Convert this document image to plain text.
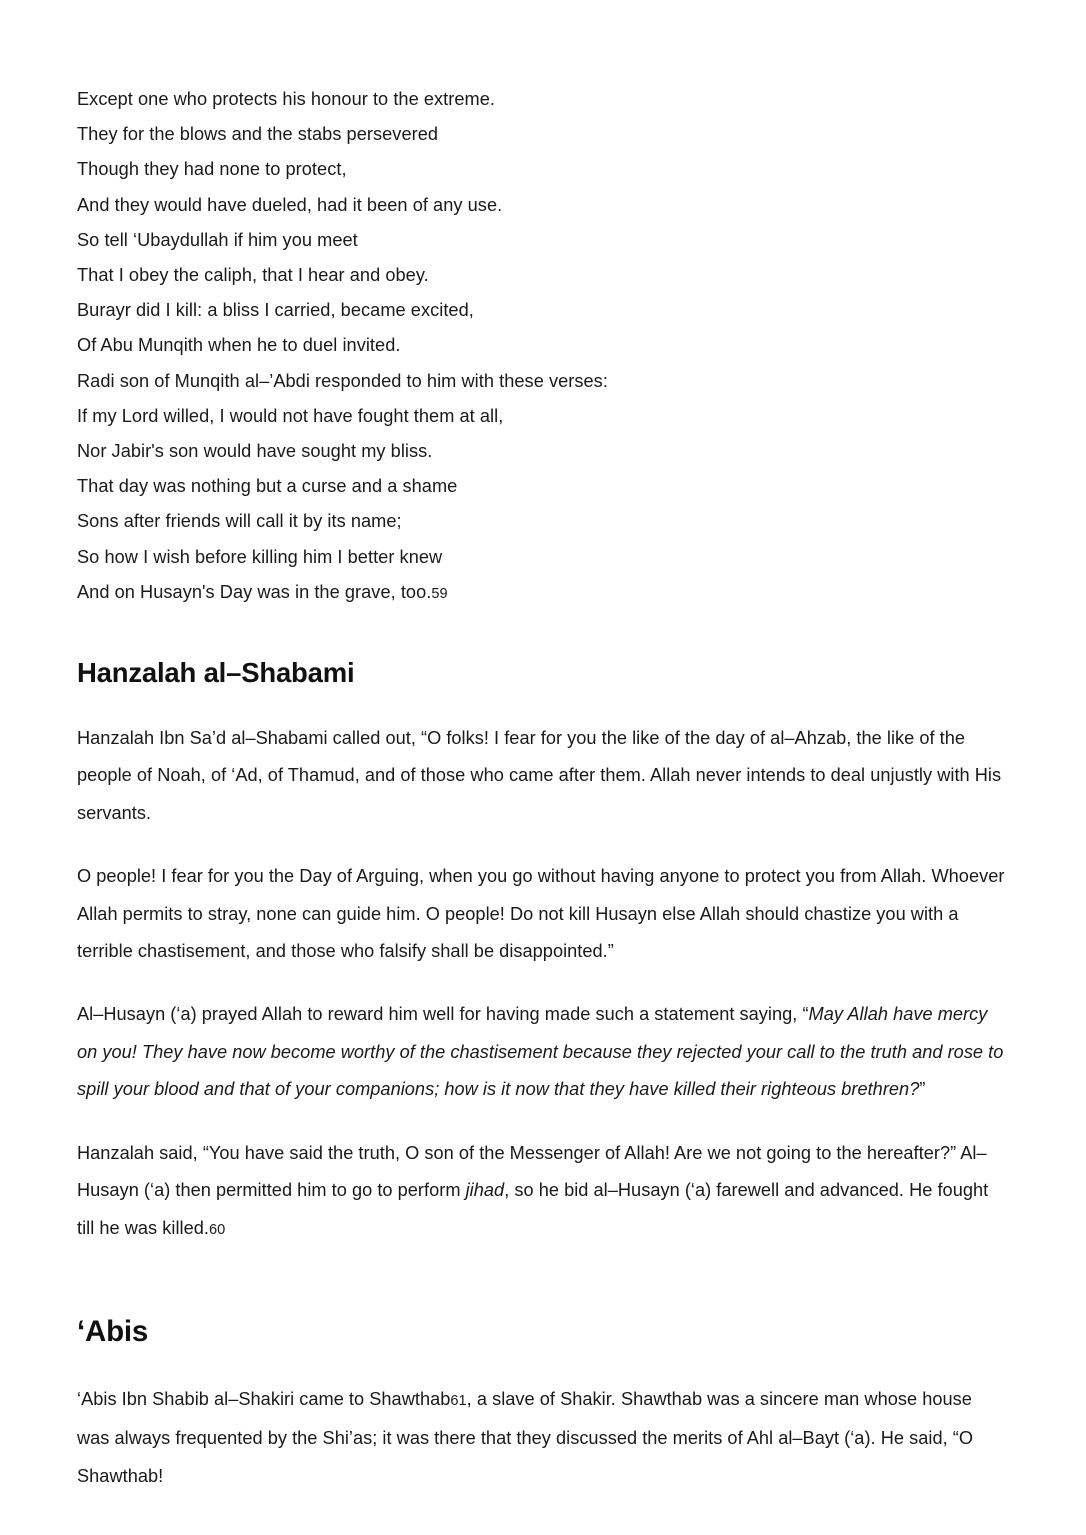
Except one who protects his honour to the extreme.
They for the blows and the stabs persevered
Though they had none to protect,
And they would have dueled, had it been of any use.
So tell ‘Ubaydullah if him you meet
That I obey the caliph, that I hear and obey.
Burayr did I kill: a bliss I carried, became excited,
Of Abu Munqith when he to duel invited.
Radi son of Munqith al–’Abdi responded to him with these verses:
If my Lord willed, I would not have fought them at all,
Nor Jabir's son would have sought my bliss.
That day was nothing but a curse and a shame
Sons after friends will call it by its name;
So how I wish before killing him I better knew
And on Husayn's Day was in the grave, too.59
Hanzalah al–Shabami

Hanzalah Ibn Sa’d al–Shabami called out, “O folks! I fear for you the like of the day of al–Ahzab, the like of the people of Noah, of ‘Ad, of Thamud, and of those who came after them. Allah never intends to deal unjustly with His servants.

O people! I fear for you the Day of Arguing, when you go without having anyone to protect you from Allah. Whoever Allah permits to stray, none can guide him. O people! Do not kill Husayn else Allah should chastize you with a terrible chastisement, and those who falsify shall be disappointed.”

Al–Husayn (‘a) prayed Allah to reward him well for having made such a statement saying, “May Allah have mercy on you! They have now become worthy of the chastisement because they rejected your call to the truth and rose to spill your blood and that of your companions; how is it now that they have killed their righteous brethren?”

Hanzalah said, “You have said the truth, O son of the Messenger of Allah! Are we not going to the hereafter?” Al–Husayn (‘a) then permitted him to go to perform jihad, so he bid al–Husayn (‘a) farewell and advanced. He fought till he was killed.60

‘Abis

‘Abis Ibn Shabib al–Shakiri came to Shawthab61, a slave of Shakir. Shawthab was a sincere man whose house was always frequented by the Shi’as; it was there that they discussed the merits of Ahl al–Bayt (‘a). He said, “O Shawthab!
